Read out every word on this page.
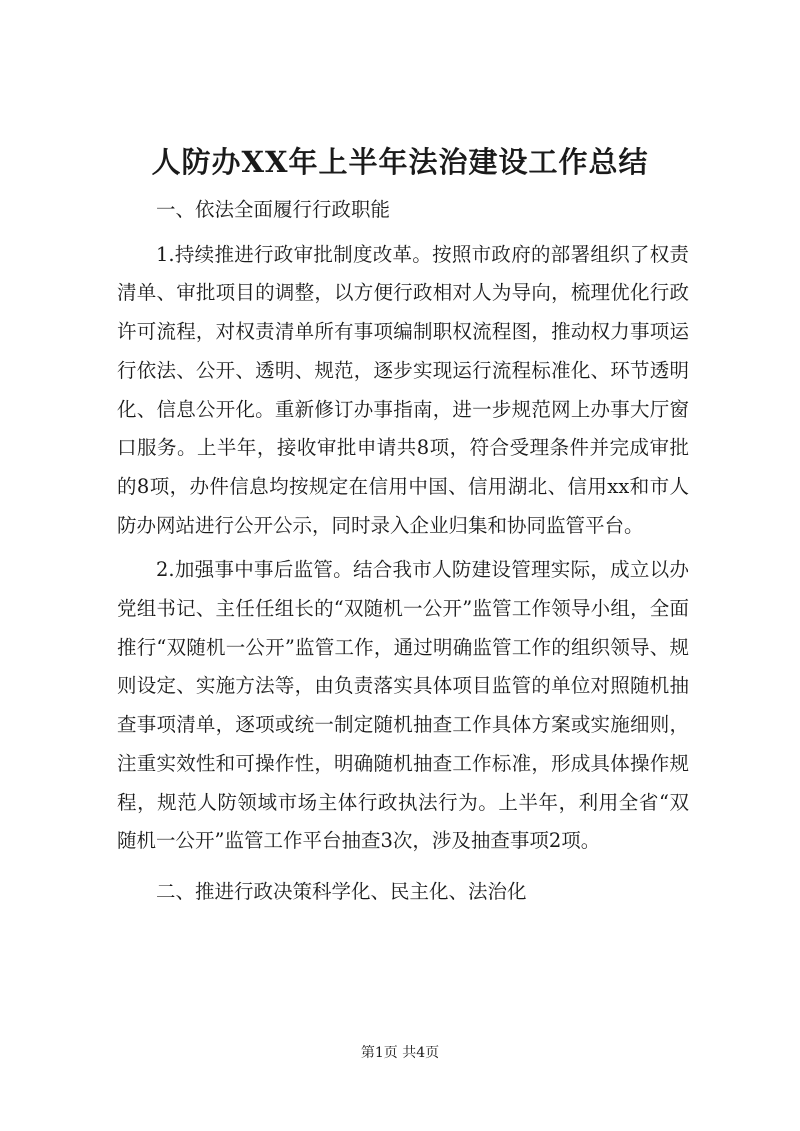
人防办XX年上半年法治建设工作总结

一、依法全面履行行政职能

1.持续推进行政审批制度改革。按照市政府的部署组织了权责清单、审批项目的调整，以方便行政相对人为导向，梳理优化行政许可流程，对权责清单所有事项编制职权流程图，推动权力事项运行依法、公开、透明、规范，逐步实现运行流程标准化、环节透明化、信息公开化。重新修订办事指南，进一步规范网上办事大厅窗口服务。上半年，接收审批申请共8项，符合受理条件并完成审批的8项，办件信息均按规定在信用中国、信用湖北、信用xx和市人防办网站进行公开公示，同时录入企业归集和协同监管平台。

2.加强事中事后监管。结合我市人防建设管理实际，成立以办党组书记、主任任组长的“双随机一公开”监管工作领导小组，全面推行“双随机一公开”监管工作，通过明确监管工作的组织领导、规则设定、实施方法等，由负责落实具体项目监管的单位对照随机抽查事项清单，逐项或统一制定随机抽查工作具体方案或实施细则，注重实效性和可操作性，明确随机抽查工作标准，形成具体操作规程，规范人防领域市场主体行政执法行为。上半年，利用全省“双随机一公开”监管工作平台抽查3次，涉及抽查事项2项。

二、推进行政决策科学化、民主化、法治化

第1页 共4页
